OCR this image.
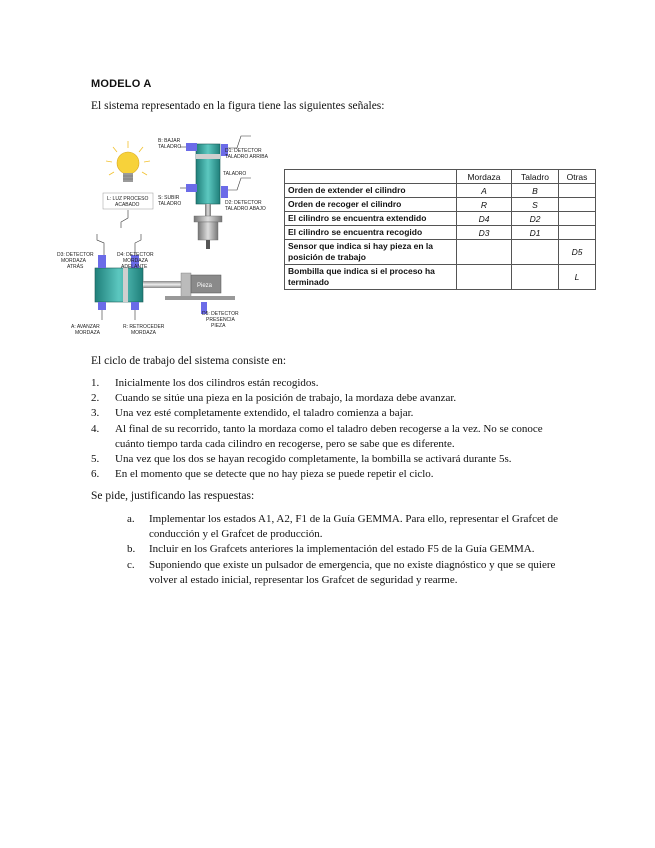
MODELO A
El sistema representado en la figura tiene las siguientes señales:
B: BAJAR
TALADRO
S: SUBIR
TALADRO
D1: DETECTOR
TALADRO ARRIBA
TALADRO
D2: DETECTOR
TALADRO ABAJO
L: LUZ PROCESO
ACABADO
Pieza
D3: DETECTOR
MORDAZA
ATRÁS
D4: DETECTOR
MORDAZA
ADELANTE
D5: DETECTOR
PRESENCIA
PIEZA
A: AVANZAR
MORDAZA
R: RETROCEDER
MORDAZA
	Mordaza	Taladro	Otras
Orden de extender el cilindro	A	B	
Orden de recoger el cilindro	R	S	
El cilindro se encuentra extendido	D4	D2	
El cilindro se encuentra recogido	D3	D1	
Sensor que indica si hay pieza en la posición de trabajo			D5
Bombilla que indica si el proceso ha terminado			L
El ciclo de trabajo del sistema consiste en:
1. Inicialmente los dos cilindros están recogidos.
2. Cuando se sitúe una pieza en la posición de trabajo, la mordaza debe avanzar.
3. Una vez esté completamente extendido, el taladro comienza a bajar.
4. Al final de su recorrido, tanto la mordaza como el taladro deben recogerse a la vez. No se conoce cuánto tiempo tarda cada cilindro en recogerse, pero se sabe que es diferente.
5. Una vez que los dos se hayan recogido completamente, la bombilla se activará durante 5s.
6. En el momento que se detecte que no hay pieza se puede repetir el ciclo.
Se pide, justificando las respuestas:
a. Implementar los estados A1, A2, F1 de la Guía GEMMA. Para ello, representar el Grafcet de conducción y el Grafcet de producción.
b. Incluir en los Grafcets anteriores la implementación del estado F5 de la Guía GEMMA.
c. Suponiendo que existe un pulsador de emergencia, que no existe diagnóstico y que se quiere volver al estado inicial, representar los Grafcet de seguridad y rearme.
